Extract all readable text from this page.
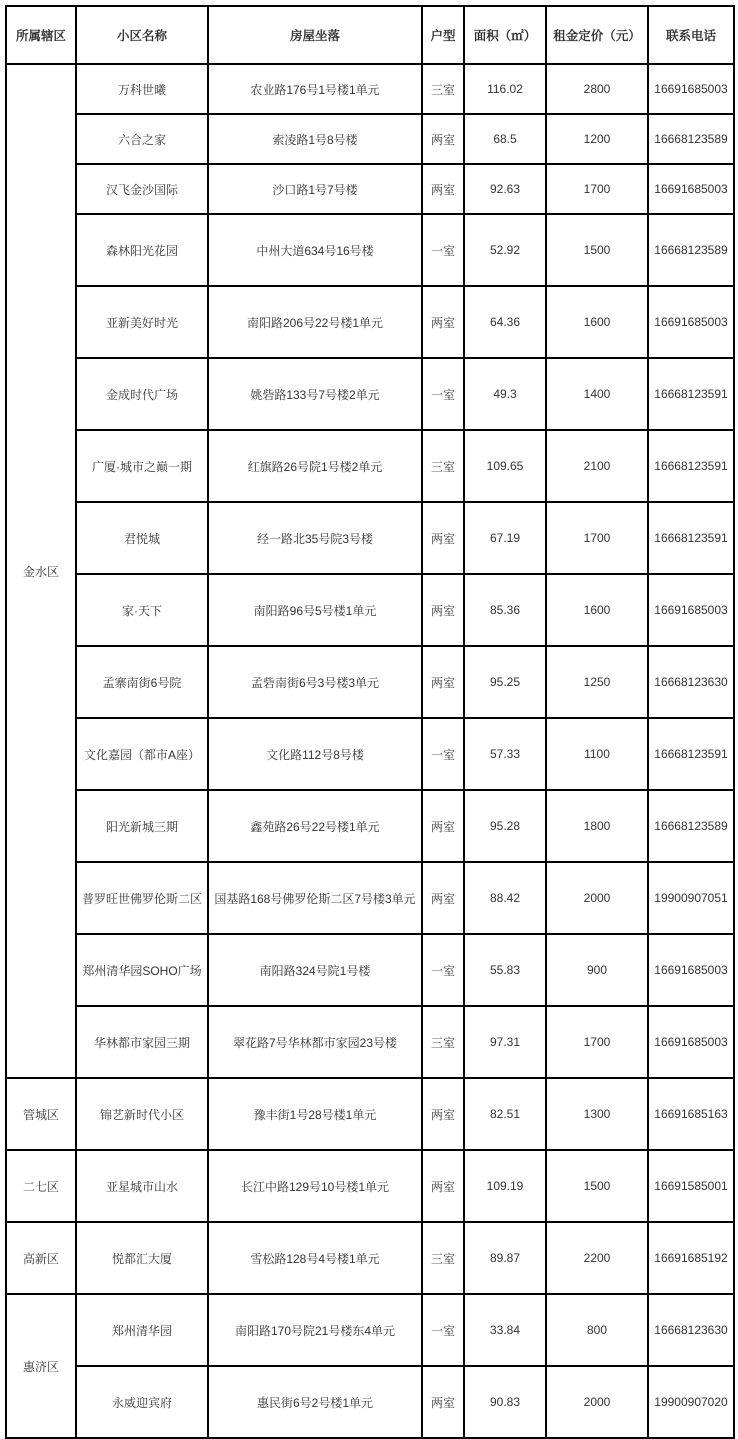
所属辖区	小区名称	房屋坐落	户型	面积（㎡）	租金定价（元）	联系电话
金水区	万科世曦	农业路176号1号楼1单元	三室	116.02	2800	16691685003
	六合之家	索凌路1号8号楼	两室	68.5	1200	16668123589
	汉飞金沙国际	沙口路1号7号楼	两室	92.63	1700	16691685003
	森林阳光花园	中州大道634号16号楼	一室	52.92	1500	16668123589
	亚新美好时光	南阳路206号22号楼1单元	两室	64.36	1600	16691685003
	金成时代广场	姚砦路133号7号楼2单元	一室	49.3	1400	16668123591
	广厦·城市之巅一期	红旗路26号院1号楼2单元	三室	109.65	2100	16668123591
	君悦城	经一路北35号院3号楼	两室	67.19	1700	16668123591
	家·天下	南阳路96号5号楼1单元	两室	85.36	1600	16691685003
	孟寨南街6号院	孟砦南街6号3号楼3单元	两室	95.25	1250	16668123630
	文化嘉园（都市A座）	文化路112号8号楼	一室	57.33	1100	16668123591
	阳光新城三期	鑫苑路26号22号楼1单元	两室	95.28	1800	16668123589
	普罗旺世佛罗伦斯二区	国基路168号佛罗伦斯二区7号楼3单元	两室	88.42	2000	19900907051
	郑州清华园SOHO广场	南阳路324号院1号楼	一室	55.83	900	16691685003
	华林都市家园三期	翠花路7号华林都市家园23号楼	三室	97.31	1700	16691685003
管城区	锦艺新时代小区	豫丰街1号28号楼1单元	两室	82.51	1300	16691685163
二七区	亚星城市山水	长江中路129号10号楼1单元	两室	109.19	1500	16691585001
高新区	悦都汇大厦	雪松路128号4号楼1单元	三室	89.87	2200	16691685192
惠济区	郑州清华园	南阳路170号院21号楼东4单元	一室	33.84	800	16668123630
	永威迎宾府	惠民街6号2号楼1单元	两室	90.83	2000	19900907020
